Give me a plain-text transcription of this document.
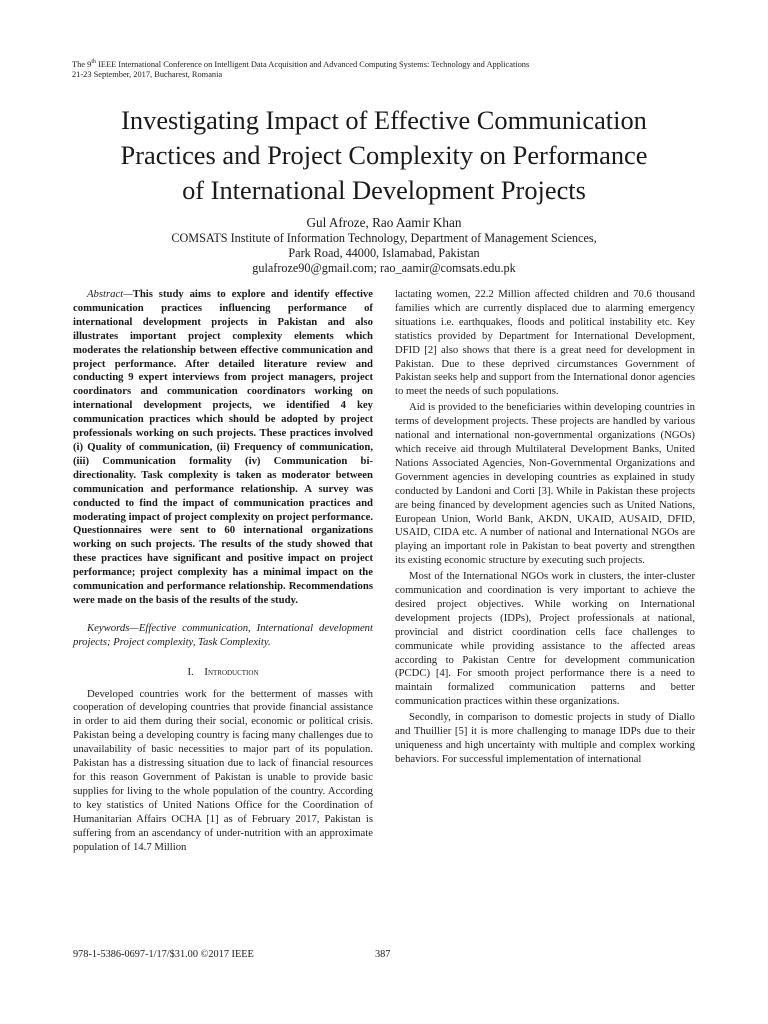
The 9th IEEE International Conference on Intelligent Data Acquisition and Advanced Computing Systems: Technology and Applications
21-23 September, 2017, Bucharest, Romania
Investigating Impact of Effective Communication
Practices and Project Complexity on Performance
of International Development Projects
Gul Afroze, Rao Aamir Khan
COMSATS Institute of Information Technology, Department of Management Sciences,
Park Road, 44000, Islamabad, Pakistan
gulafroze90@gmail.com; rao_aamir@comsats.edu.pk

Abstract—This study aims to explore and identify effective communication practices influencing performance of international development projects in Pakistan and also illustrates important project complexity elements which moderates the relationship between effective communication and project performance. After detailed literature review and conducting 9 expert interviews from project managers, project coordinators and communication coordinators working on international development projects, we identified 4 key communication practices which should be adopted by project professionals working on such projects. These practices involved (i) Quality of communication, (ii) Frequency of communication, (iii) Communication formality (iv) Communication bi-directionality. Task complexity is taken as moderator between communication and performance relationship. A survey was conducted to find the impact of communication practices and moderating impact of project complexity on project performance. Questionnaires were sent to 60 international organizations working on such projects. The results of the study showed that these practices have significant and positive impact on project performance; project complexity has a minimal impact on the communication and performance relationship. Recommendations were made on the basis of the results of the study.

Keywords—Effective communication, International development projects; Project complexity, Task Complexity.

I. Introduction

Developed countries work for the betterment of masses with cooperation of developing countries that provide financial assistance in order to aid them during their social, economic or political crisis. Pakistan being a developing country is facing many challenges due to unavailability of basic necessities to major part of its population. Pakistan has a distressing situation due to lack of financial resources for this reason Government of Pakistan is unable to provide basic supplies for living to the whole population of the country. According to key statistics of United Nations Office for the Coordination of Humanitarian Affairs OCHA [1] as of February 2017, Pakistan is suffering from an ascendancy of under-nutrition with an approximate population of 14.7 Million

lactating women, 22.2 Million affected children and 70.6 thousand families which are currently displaced due to alarming emergency situations i.e. earthquakes, floods and political instability etc. Key statistics provided by Department for International Development, DFID [2] also shows that there is a great need for development in Pakistan. Due to these deprived circumstances Government of Pakistan seeks help and support from the International donor agencies to meet the needs of such populations.

Aid is provided to the beneficiaries within developing countries in terms of development projects. These projects are handled by various national and international non-governmental organizations (NGOs) which receive aid through Multilateral Development Banks, United Nations Associated Agencies, Non-Governmental Organizations and Government agencies in developing countries as explained in study conducted by Landoni and Corti [3]. While in Pakistan these projects are being financed by development agencies such as United Nations, European Union, World Bank, AKDN, UKAID, AUSAID, DFID, USAID, CIDA etc. A number of national and International NGOs are playing an important role in Pakistan to beat poverty and strengthen its existing economic structure by executing such projects.

Most of the International NGOs work in clusters, the inter-cluster communication and coordination is very important to achieve the desired project objectives. While working on International development projects (IDPs), Project professionals at national, provincial and district coordination cells face challenges to communicate while providing assistance to the affected areas according to Pakistan Centre for development communication (PCDC) [4]. For smooth project performance there is a need to maintain formalized communication patterns and better communication practices within these organizations.

Secondly, in comparison to domestic projects in study of Diallo and Thuillier [5] it is more challenging to manage IDPs due to their uniqueness and high uncertainty with multiple and complex working behaviors. For successful implementation of international

978-1-5386-0697-1/17/$31.00 ©2017 IEEE	387
